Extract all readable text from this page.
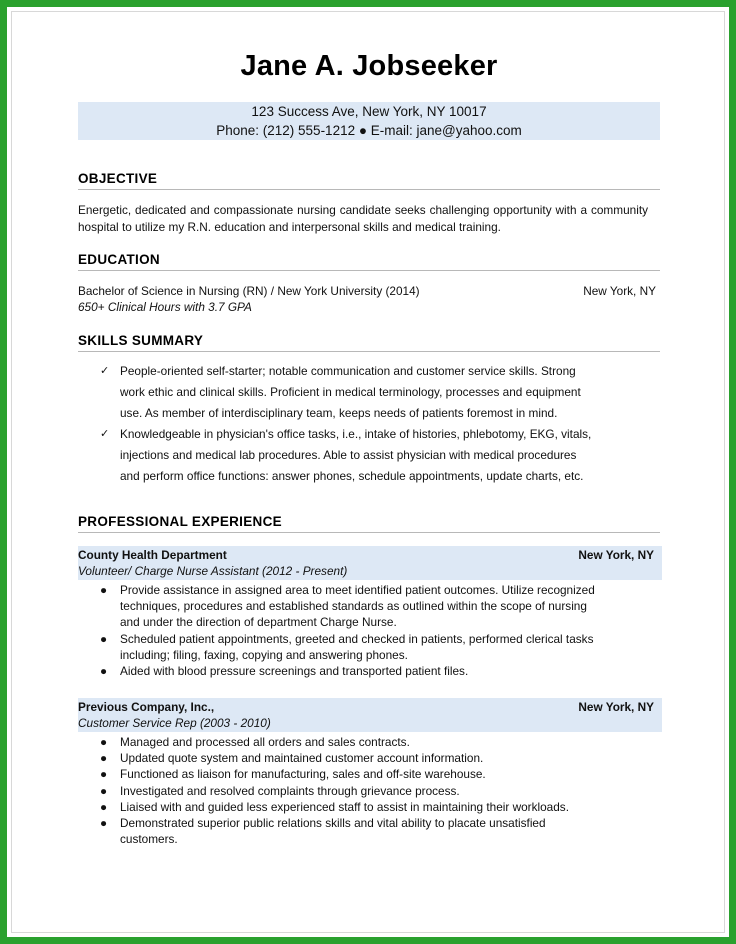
Jane A. Jobseeker
123 Success Ave, New York, NY 10017
Phone: (212) 555-1212 ● E-mail: jane@yahoo.com
OBJECTIVE
Energetic, dedicated and compassionate nursing candidate seeks challenging opportunity with a community hospital to utilize my R.N. education and interpersonal skills and medical training.
EDUCATION
Bachelor of Science in Nursing (RN) / New York University (2014)	New York, NY
650+ Clinical Hours with 3.7 GPA
SKILLS SUMMARY
✓ People-oriented self-starter; notable communication and customer service skills. Strong
work ethic and clinical skills. Proficient in medical terminology, processes and equipment
use. As member of interdisciplinary team, keeps needs of patients foremost in mind.
✓ Knowledgeable in physician's office tasks, i.e., intake of histories, phlebotomy, EKG, vitals,
injections and medical lab procedures. Able to assist physician with medical procedures
and perform office functions: answer phones, schedule appointments, update charts, etc.
PROFESSIONAL EXPERIENCE
County Health Department	New York, NY
Volunteer/ Charge Nurse Assistant (2012 - Present)
● Provide assistance in assigned area to meet identified patient outcomes. Utilize recognized
techniques, procedures and established standards as outlined within the scope of nursing
and under the direction of department Charge Nurse.
● Scheduled patient appointments, greeted and checked in patients, performed clerical tasks
including; filing, faxing, copying and answering phones.
● Aided with blood pressure screenings and transported patient files.
Previous Company, Inc.,	New York, NY
Customer Service Rep (2003 - 2010)
● Managed and processed all orders and sales contracts.
● Updated quote system and maintained customer account information.
● Functioned as liaison for manufacturing, sales and off-site warehouse.
● Investigated and resolved complaints through grievance process.
● Liaised with and guided less experienced staff to assist in maintaining their workloads.
● Demonstrated superior public relations skills and vital ability to placate unsatisfied
customers.
